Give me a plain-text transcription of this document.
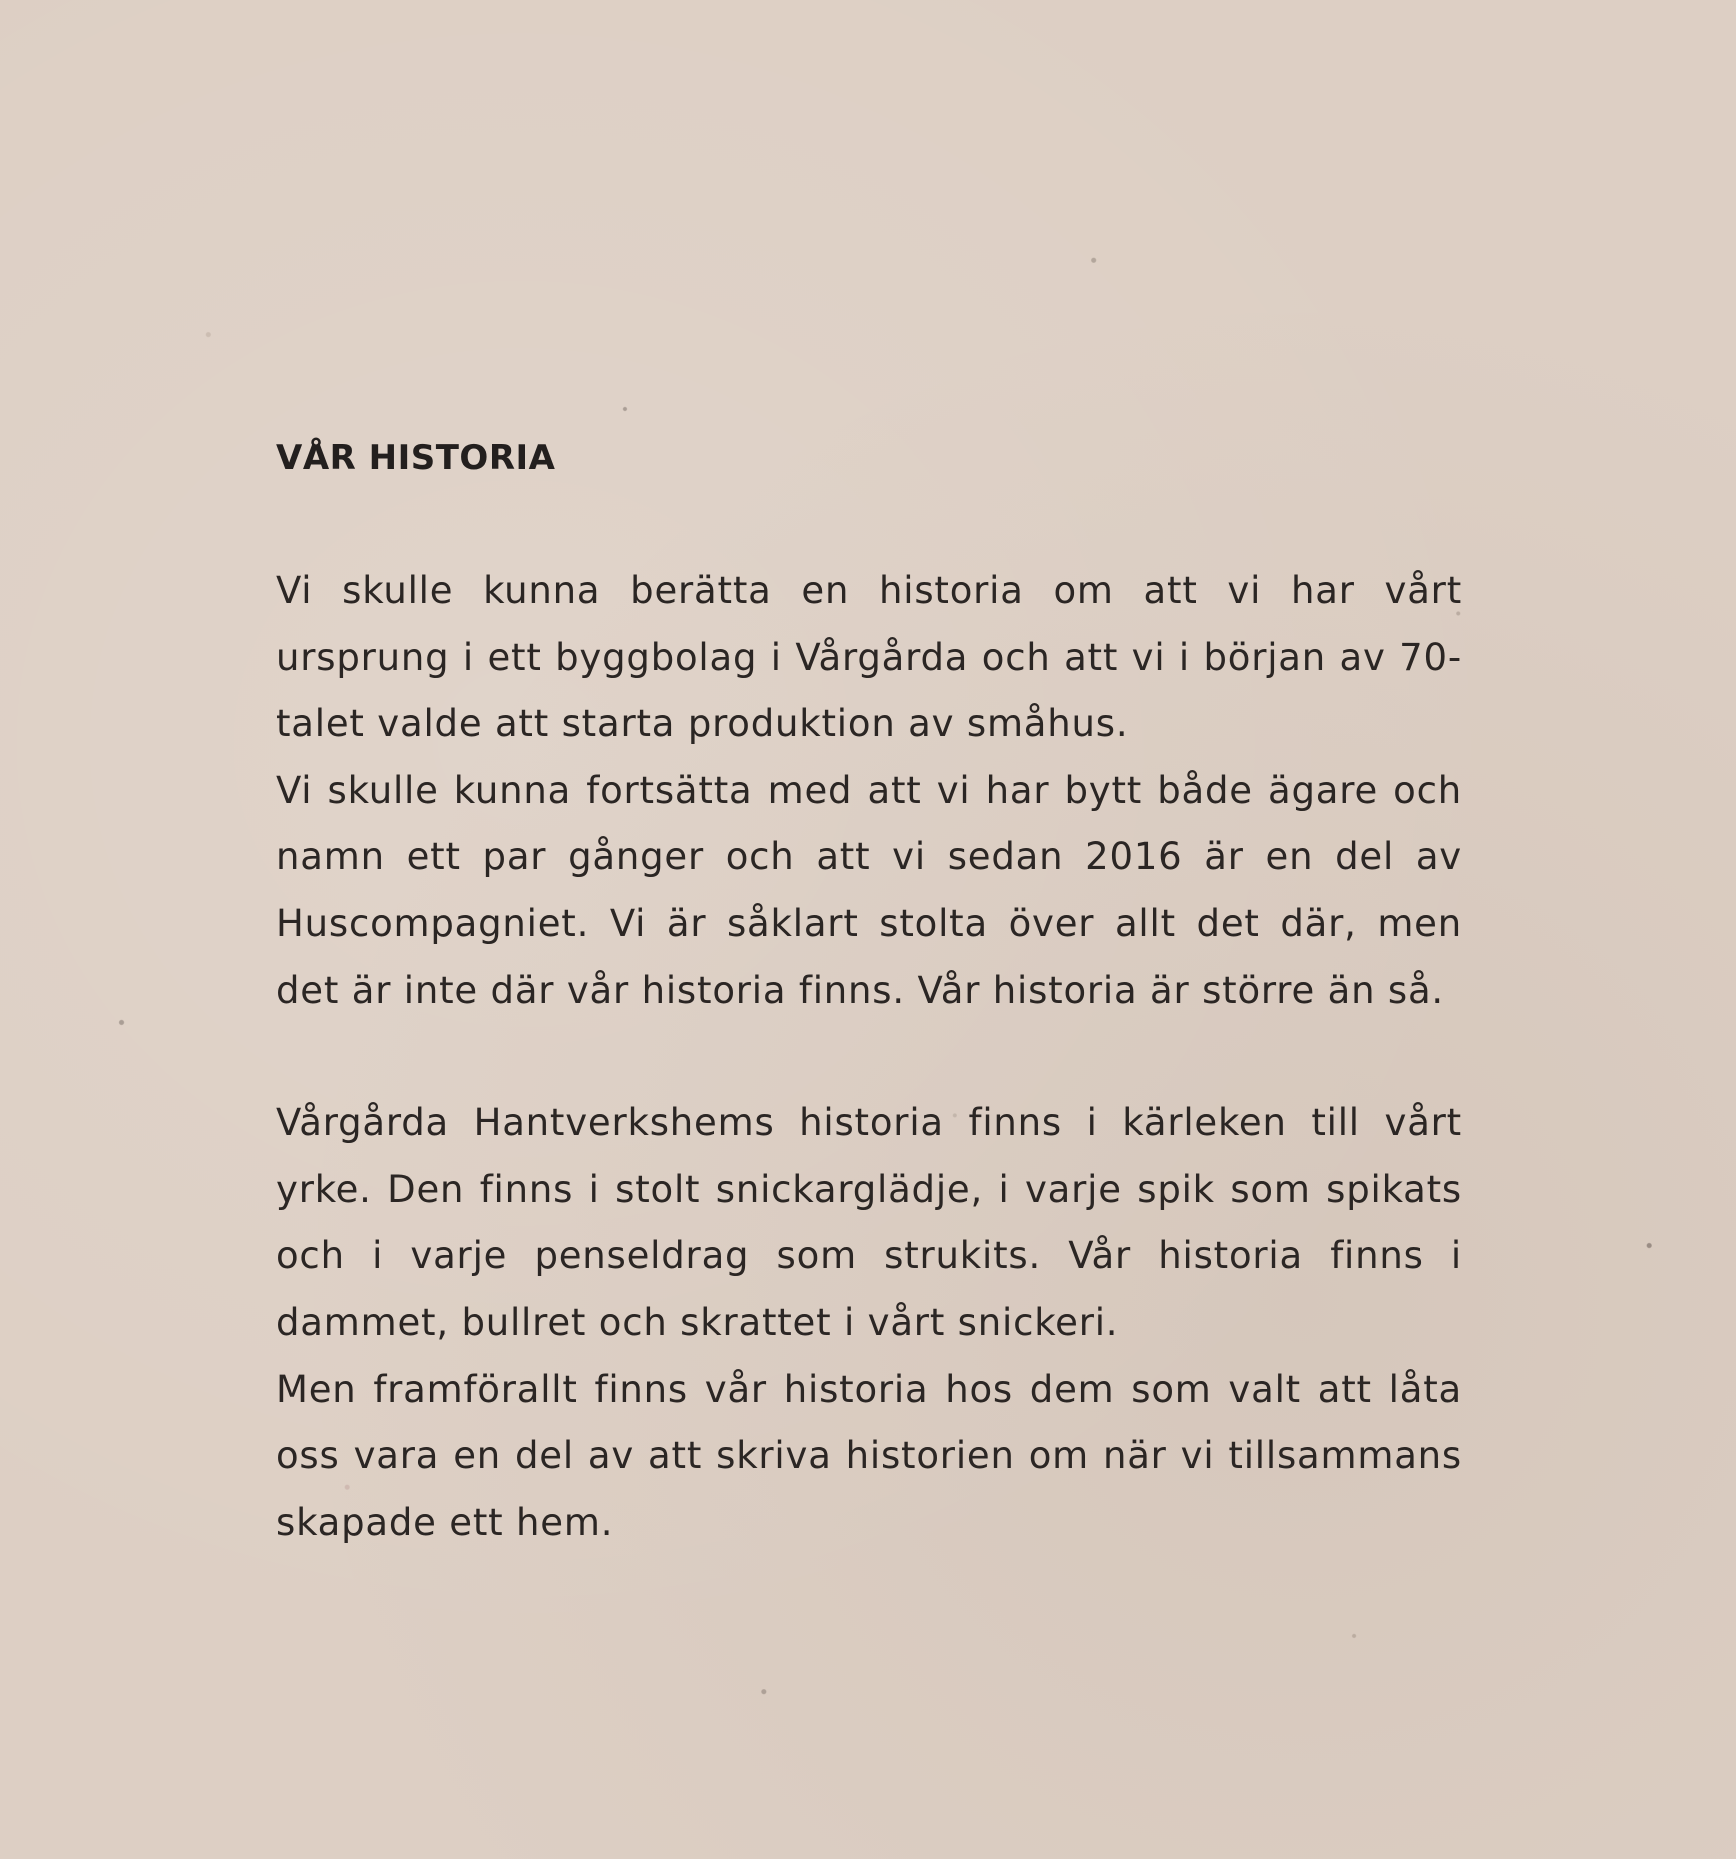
VÅR HISTORIA

Vi skulle kunna berätta en historia om att vi har vårt ursprung i ett byggbolag i Vårgårda och att vi i början av 70-talet valde att starta produktion av småhus.

Vi skulle kunna fortsätta med att vi har bytt både ägare och namn ett par gånger och att vi sedan 2016 är en del av Huscompagniet. Vi är såklart stolta över allt det där, men det är inte där vår historia finns. Vår historia är större än så.

Vårgårda Hantverkshems historia finns i kärleken till vårt yrke. Den finns i stolt snickarglädje, i varje spik som spikats och i varje penseldrag som strukits. Vår historia finns i dammet, bullret och skrattet i vårt snickeri.

Men framförallt finns vår historia hos dem som valt att låta oss vara en del av att skriva historien om när vi tillsammans skapade ett hem.
